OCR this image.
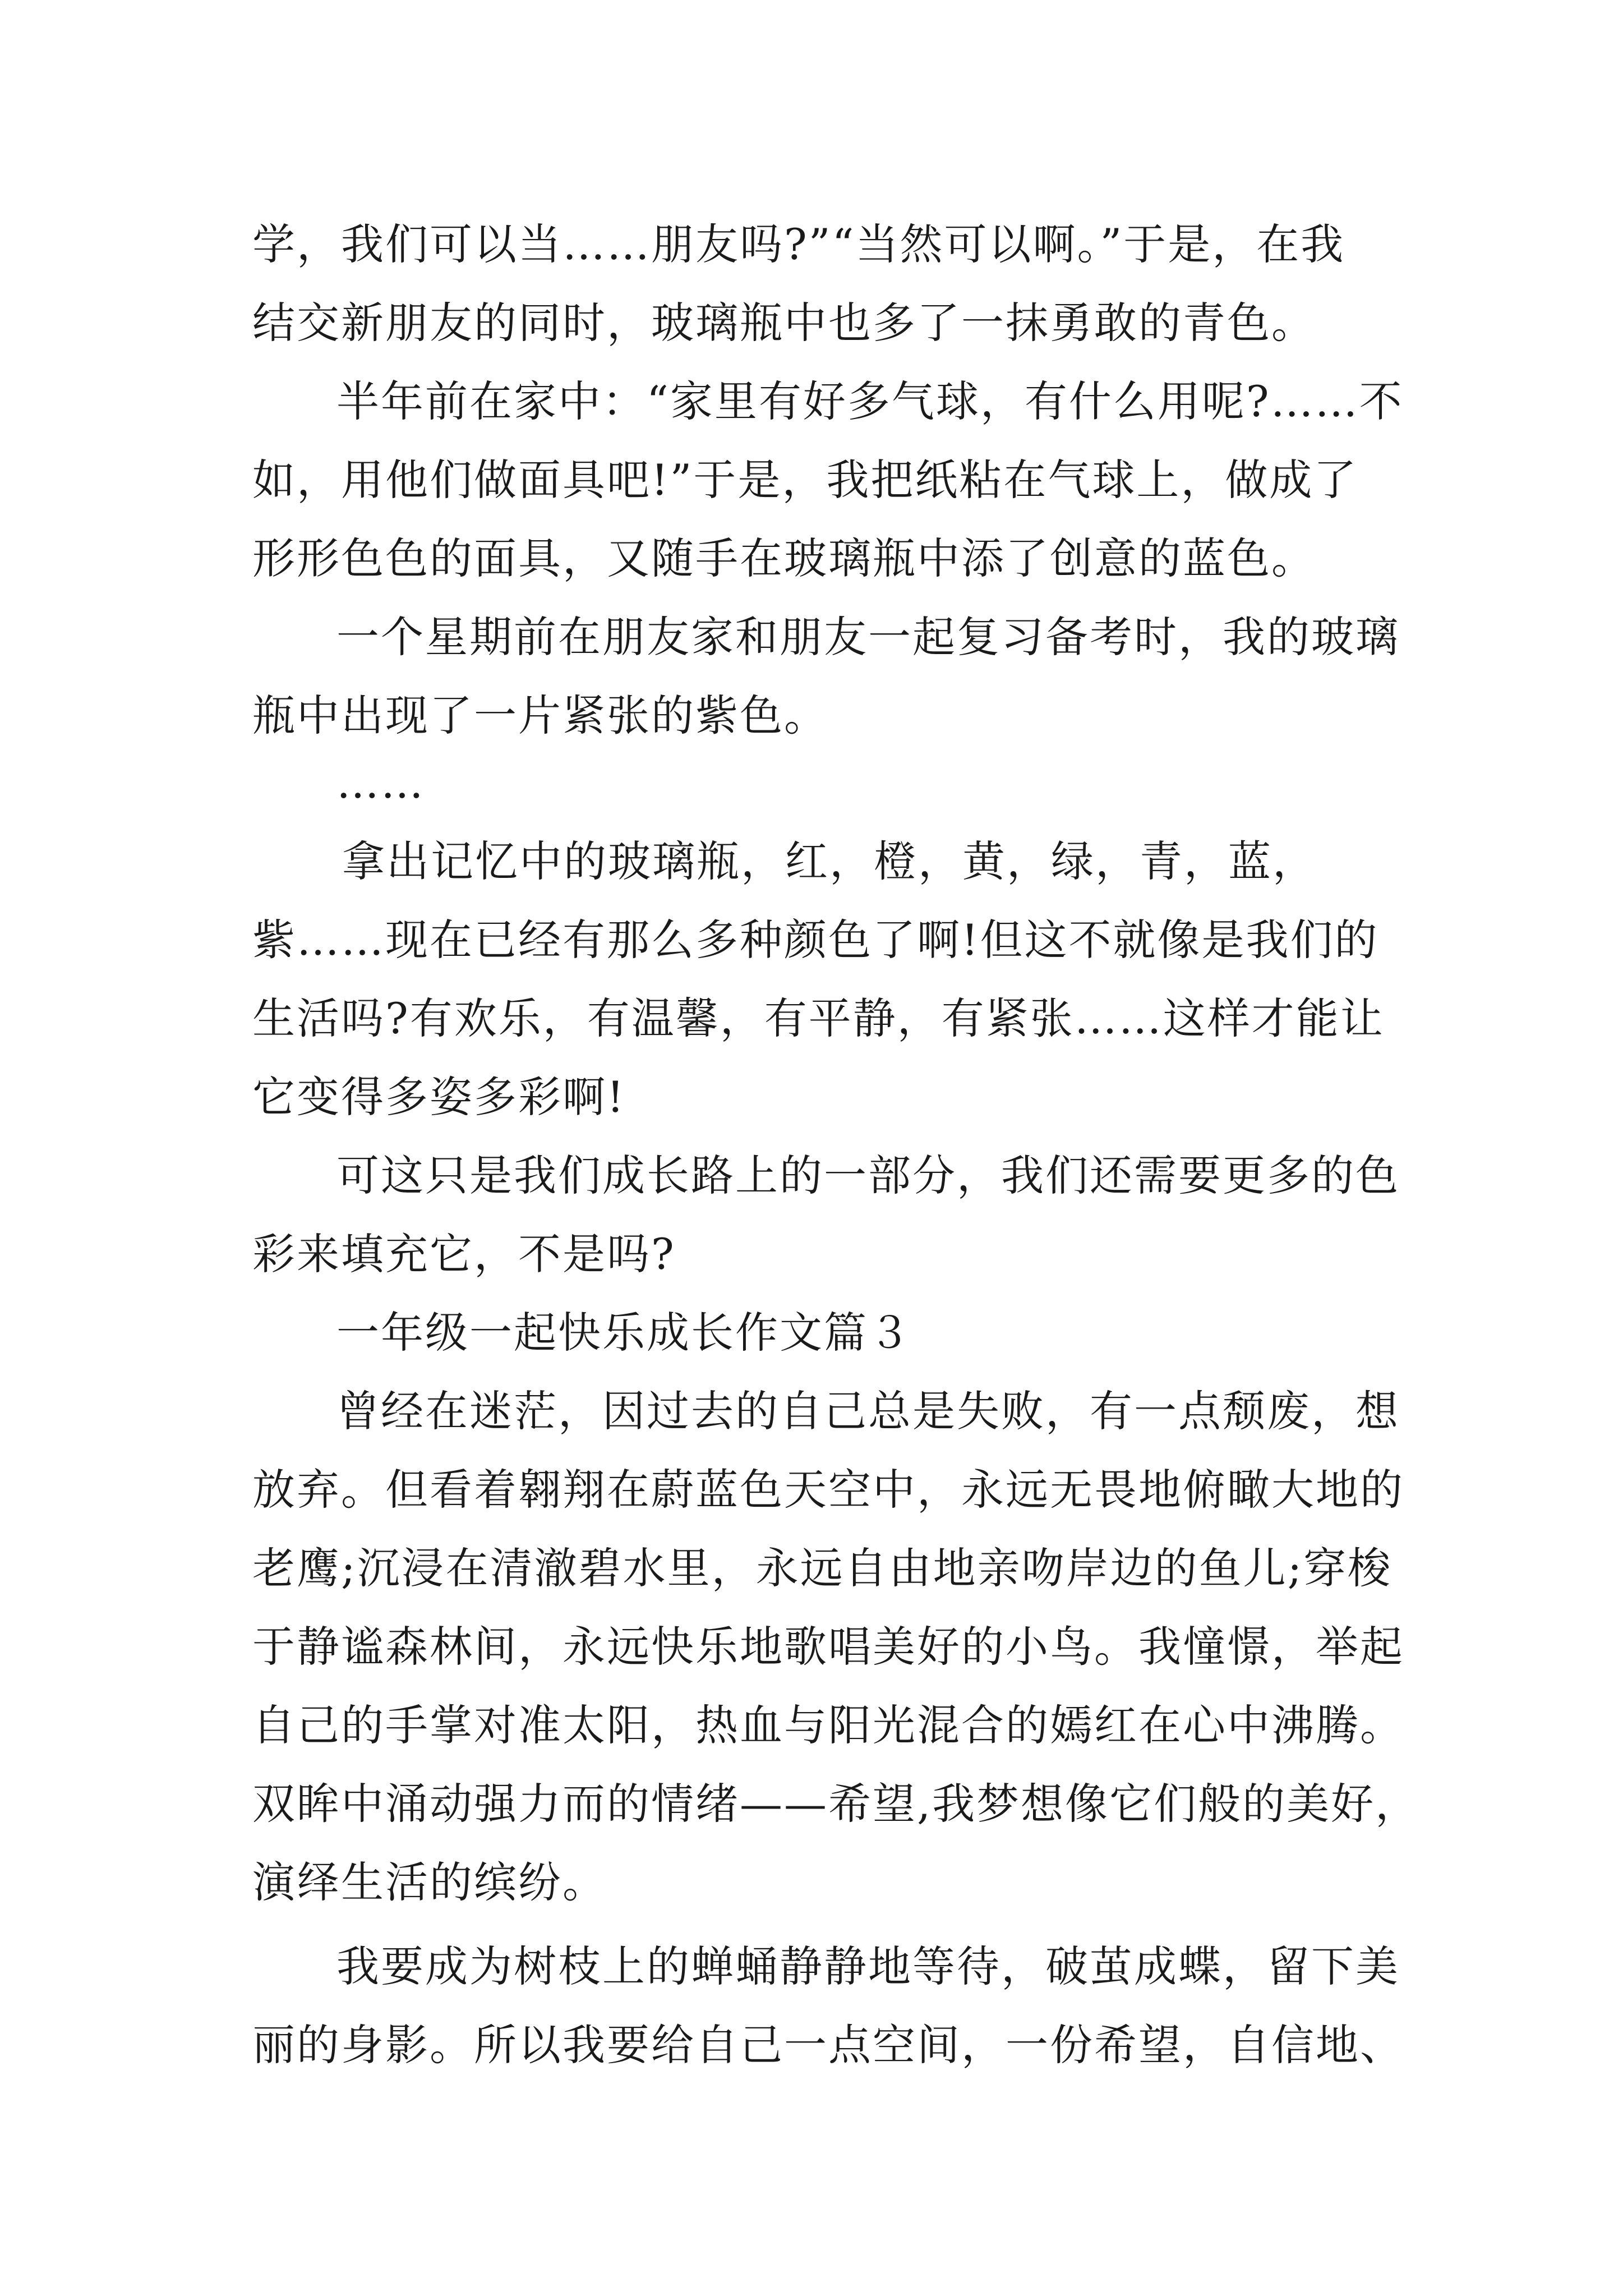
学，我们可以当……朋友吗?”“当然可以啊。”于是，在我
结交新朋友的同时，玻璃瓶中也多了一抹勇敢的青色。
半年前在家中：“家里有好多气球，有什么用呢?……不
如，用他们做面具吧!”于是，我把纸粘在气球上，做成了
形形色色的面具，又随手在玻璃瓶中添了创意的蓝色。
一个星期前在朋友家和朋友一起复习备考时，我的玻璃
瓶中出现了一片紧张的紫色。
……
拿出记忆中的玻璃瓶，红，橙，黄，绿，青，蓝，
紫……现在已经有那么多种颜色了啊!但这不就像是我们的
生活吗?有欢乐，有温馨，有平静，有紧张……这样才能让
它变得多姿多彩啊!
可这只是我们成长路上的一部分，我们还需要更多的色
彩来填充它，不是吗?
一年级一起快乐成长作文篇３
曾经在迷茫，因过去的自己总是失败，有一点颓废，想
放弃。但看着翱翔在蔚蓝色天空中，永远无畏地俯瞰大地的
老鹰;沉浸在清澈碧水里，永远自由地亲吻岸边的鱼儿;穿梭
于静谧森林间，永远快乐地歌唱美好的小鸟。我憧憬，举起
自己的手掌对准太阳，热血与阳光混合的嫣红在心中沸腾。
双眸中涌动强力而的情绪——希望,我梦想像它们般的美好，
演绎生活的缤纷。
我要成为树枝上的蝉蛹静静地等待，破茧成蝶，留下美
丽的身影。所以我要给自己一点空间，一份希望，自信地、
